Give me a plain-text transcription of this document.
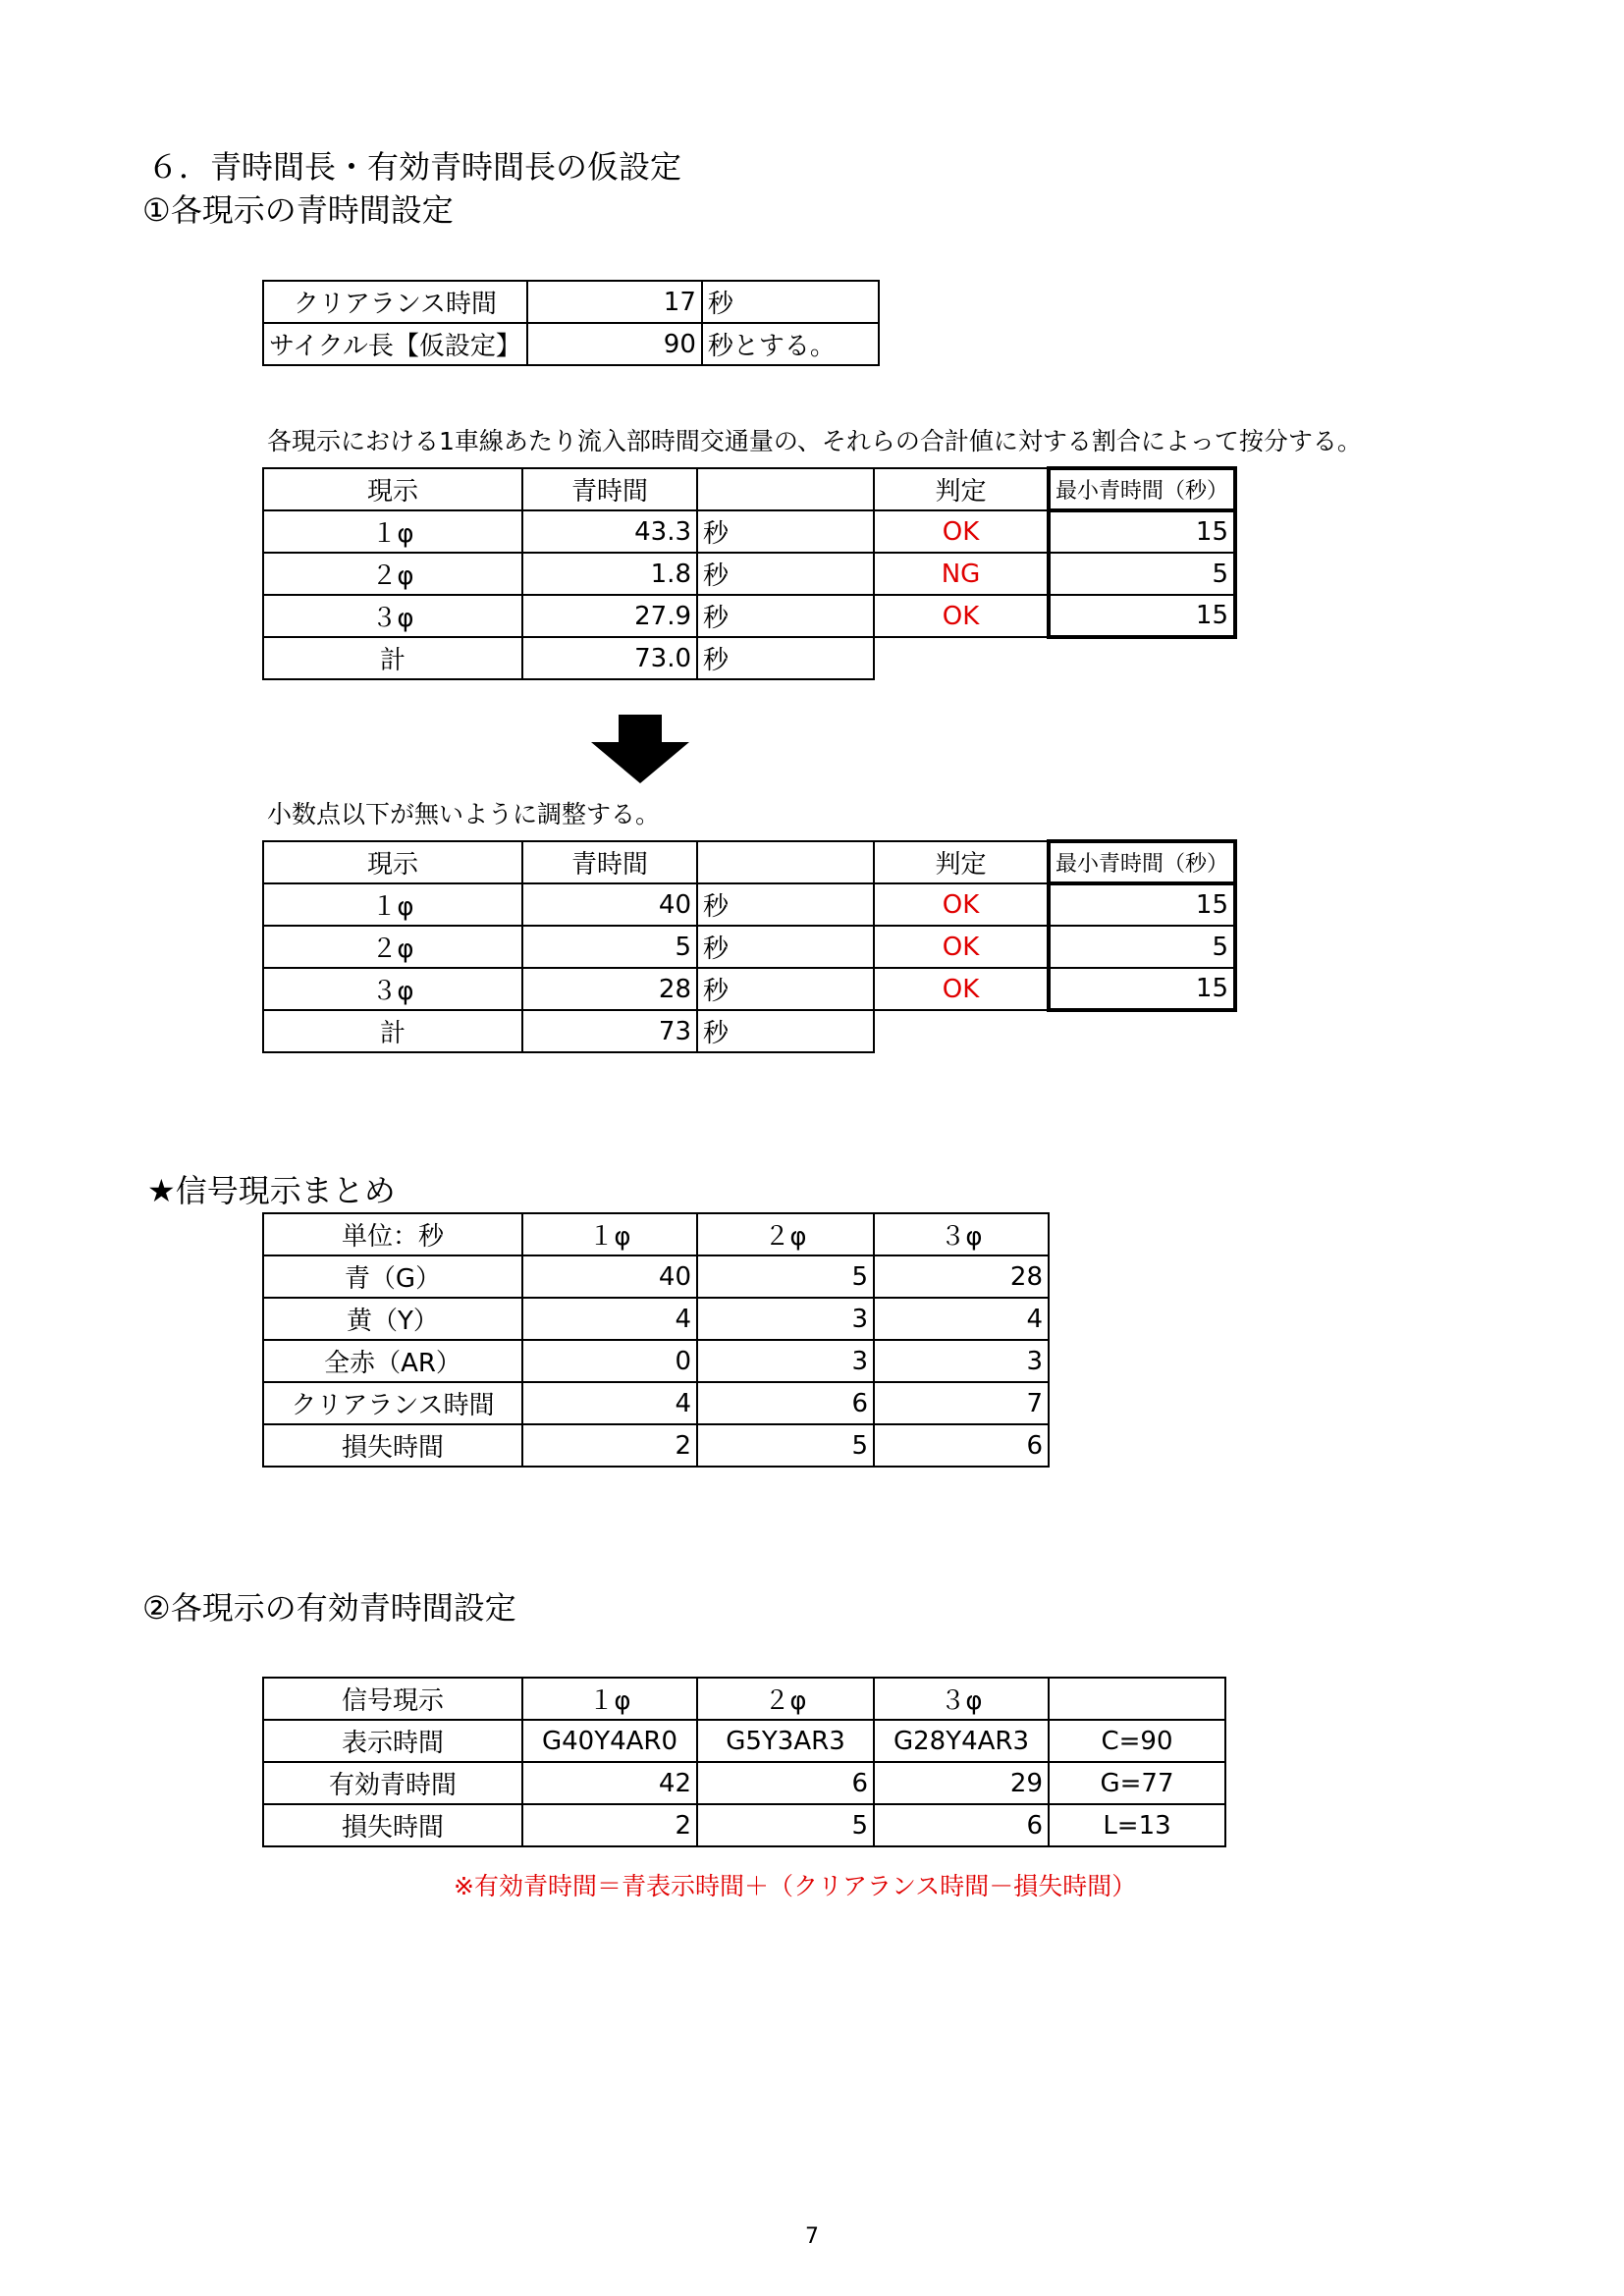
６．青時間長・有効青時間長の仮設定
①各現示の青時間設定
クリアランス時間	17	秒
サイクル長【仮設定】	90	秒とする。
各現示における1車線あたり流入部時間交通量の、それらの合計値に対する割合によって按分する。
現示	青時間		判定	最小青時間（秒）
１φ	43.3	秒	OK	15
２φ	1.8	秒	NG	5
３φ	27.9	秒	OK	15
計	73.0	秒		
小数点以下が無いように調整する。
現示	青時間		判定	最小青時間（秒）
１φ	40	秒	OK	15
２φ	5	秒	OK	5
３φ	28	秒	OK	15
計	73	秒		
★信号現示まとめ
単位：秒	１φ	２φ	３φ
青（G）	40	5	28
黄（Y）	4	3	4
全赤（AR）	0	3	3
クリアランス時間	4	6	7
損失時間	2	5	6
②各現示の有効青時間設定
信号現示	１φ	２φ	３φ	
表示時間	G40Y4AR0	G5Y3AR3	G28Y4AR3	C=90
有効青時間	42	6	29	G=77
損失時間	2	5	6	L=13
※有効青時間＝青表示時間＋（クリアランス時間－損失時間）
7
